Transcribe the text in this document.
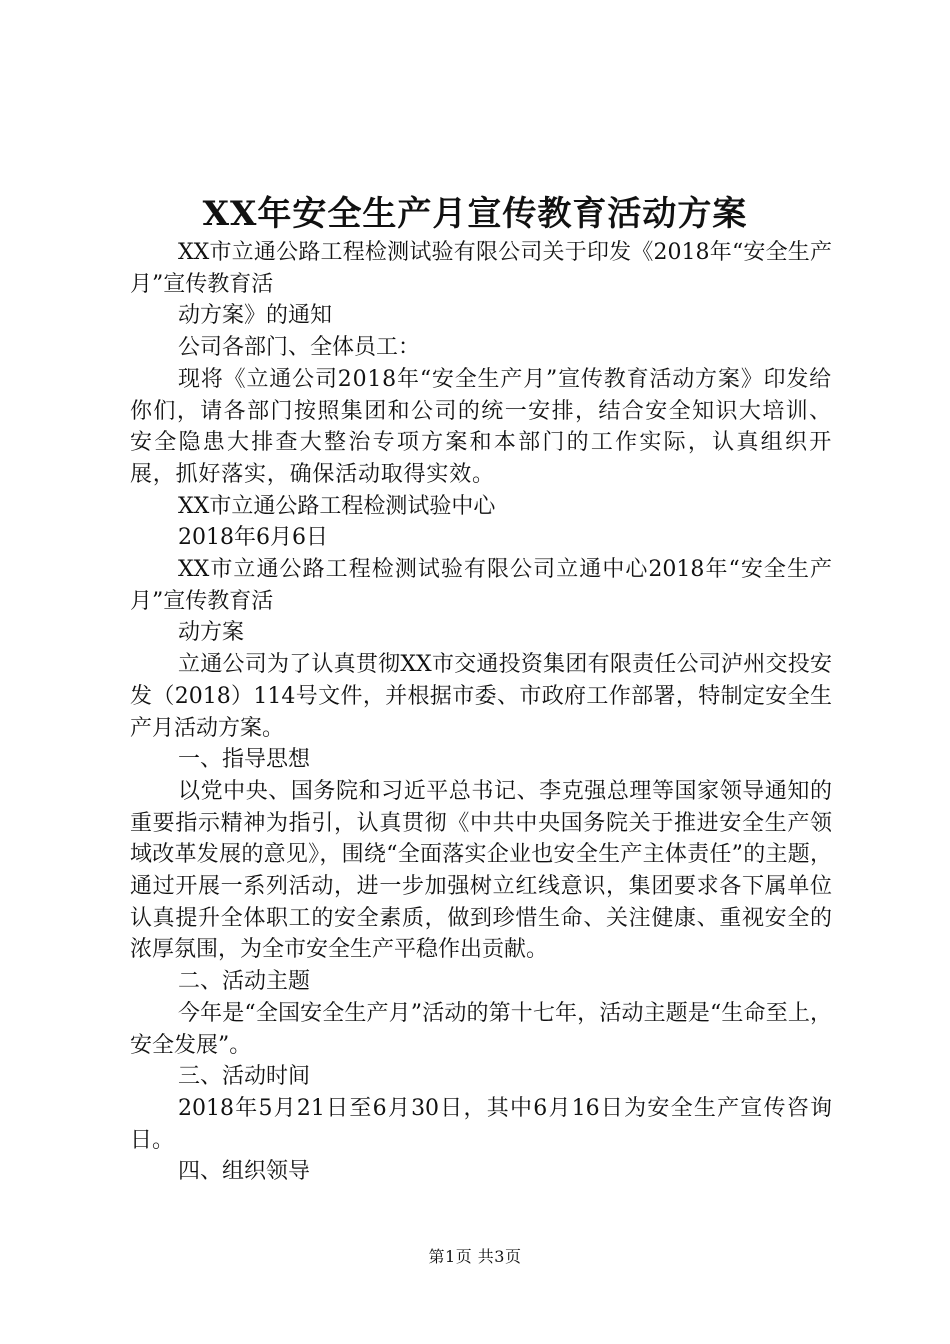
XX年安全生产月宣传教育活动方案

XX市立通公路工程检测试验有限公司关于印发《2018年“安全生产月”宣传教育活

动方案》的通知

公司各部门、全体员工：

现将《立通公司2018年“安全生产月”宣传教育活动方案》印发给你们，请各部门按照集团和公司的统一安排，结合安全知识大培训、安全隐患大排查大整治专项方案和本部门的工作实际，认真组织开展，抓好落实，确保活动取得实效。

XX市立通公路工程检测试验中心

2018年6月6日

XX市立通公路工程检测试验有限公司立通中心2018年“安全生产月”宣传教育活

动方案

立通公司为了认真贯彻XX市交通投资集团有限责任公司泸州交投安发（2018）114号文件，并根据市委、市政府工作部署，特制定安全生产月活动方案。

一、指导思想

以党中央、国务院和习近平总书记、李克强总理等国家领导通知的重要指示精神为指引，认真贯彻《中共中央国务院关于推进安全生产领域改革发展的意见》，围绕“全面落实企业也安全生产主体责任”的主题，通过开展一系列活动，进一步加强树立红线意识，集团要求各下属单位认真提升全体职工的安全素质，做到珍惜生命、关注健康、重视安全的浓厚氛围，为全市安全生产平稳作出贡献。

二、活动主题

今年是“全国安全生产月”活动的第十七年，活动主题是“生命至上，安全发展”。

三、活动时间

2018年5月21日至6月30日，其中6月16日为安全生产宣传咨询日。

四、组织领导

第1页 共3页
